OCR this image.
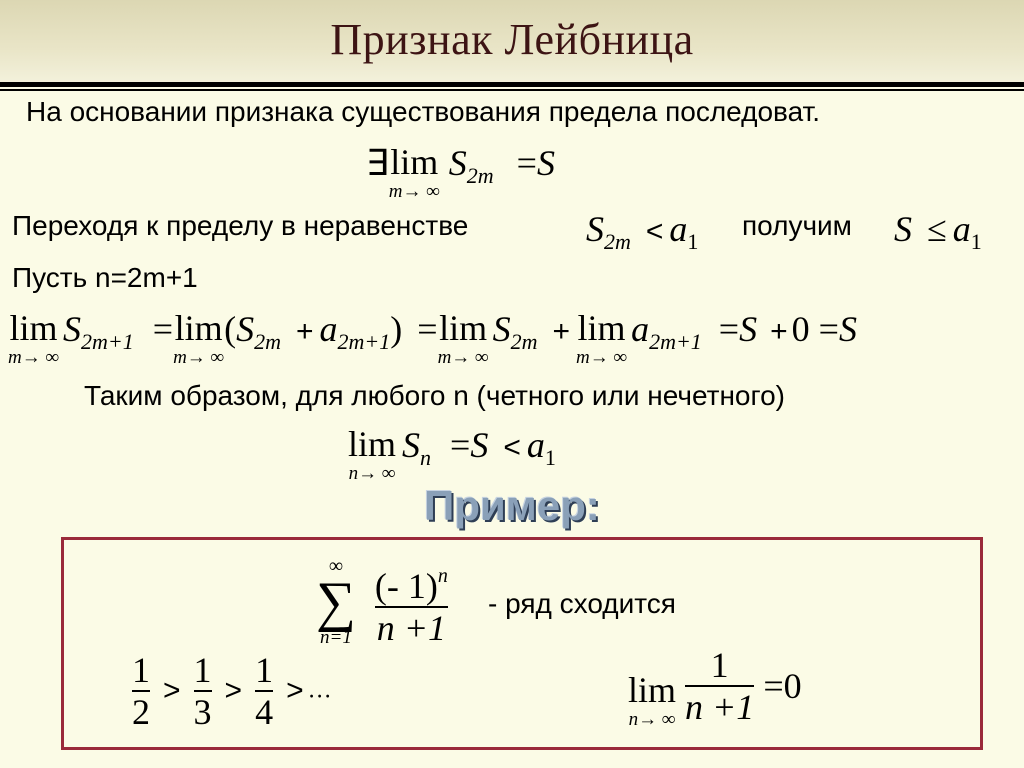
Признак Лейбница
На основании признака существования предела последоват.
∃ lim
m→ ∞
$S_{2m} =S$
Переходя к пределу в неравенстве	$S_{2m} < a_1$
получим $S \le a_1$
Пусть n=2m+1
lim
m→ ∞
$S_{2m+1} = \lim$
m→ ∞
$(S_{2m} + a_{2m+1}) = \lim$
m→ ∞
$S_{2m} + \lim$
m→ ∞
$a_{2m+1} =S + 0 =S$
Таким образом, для любого n (четного или нечетного)
lim
n→ ∞
$S_n =S < a_1$
Пример:
∞
∑
n=1
$\frac{(- 1)^n}{n +1}$ - ряд сходится
$\frac{1}{2} > \frac{1}{3} > \frac{1}{4}$ > …	lim
n→ ∞
$\frac{1}{n +1} =0$
